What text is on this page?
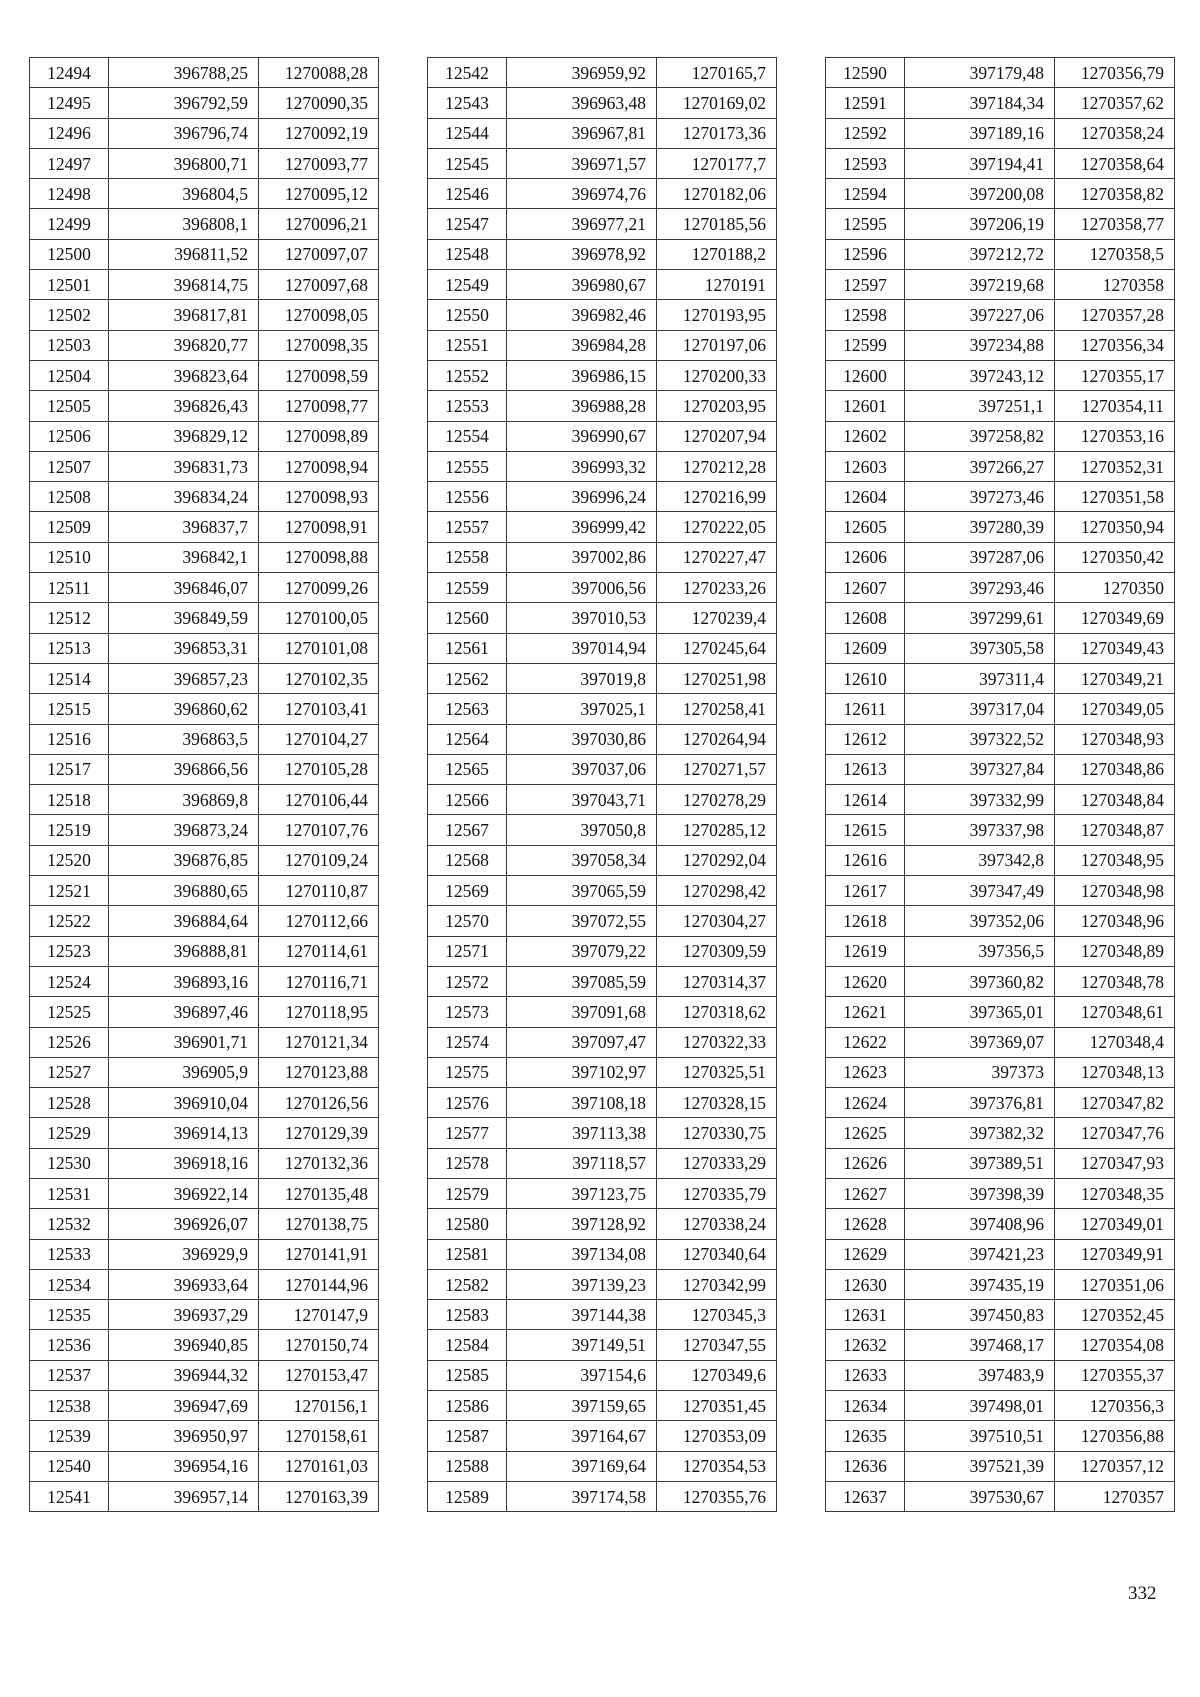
12494	396788,25	1270088,28
12495	396792,59	1270090,35
12496	396796,74	1270092,19
12497	396800,71	1270093,77
12498	396804,5	1270095,12
12499	396808,1	1270096,21
12500	396811,52	1270097,07
12501	396814,75	1270097,68
12502	396817,81	1270098,05
12503	396820,77	1270098,35
12504	396823,64	1270098,59
12505	396826,43	1270098,77
12506	396829,12	1270098,89
12507	396831,73	1270098,94
12508	396834,24	1270098,93
12509	396837,7	1270098,91
12510	396842,1	1270098,88
12511	396846,07	1270099,26
12512	396849,59	1270100,05
12513	396853,31	1270101,08
12514	396857,23	1270102,35
12515	396860,62	1270103,41
12516	396863,5	1270104,27
12517	396866,56	1270105,28
12518	396869,8	1270106,44
12519	396873,24	1270107,76
12520	396876,85	1270109,24
12521	396880,65	1270110,87
12522	396884,64	1270112,66
12523	396888,81	1270114,61
12524	396893,16	1270116,71
12525	396897,46	1270118,95
12526	396901,71	1270121,34
12527	396905,9	1270123,88
12528	396910,04	1270126,56
12529	396914,13	1270129,39
12530	396918,16	1270132,36
12531	396922,14	1270135,48
12532	396926,07	1270138,75
12533	396929,9	1270141,91
12534	396933,64	1270144,96
12535	396937,29	1270147,9
12536	396940,85	1270150,74
12537	396944,32	1270153,47
12538	396947,69	1270156,1
12539	396950,97	1270158,61
12540	396954,16	1270161,03
12541	396957,14	1270163,39
12542	396959,92	1270165,7
12543	396963,48	1270169,02
12544	396967,81	1270173,36
12545	396971,57	1270177,7
12546	396974,76	1270182,06
12547	396977,21	1270185,56
12548	396978,92	1270188,2
12549	396980,67	1270191
12550	396982,46	1270193,95
12551	396984,28	1270197,06
12552	396986,15	1270200,33
12553	396988,28	1270203,95
12554	396990,67	1270207,94
12555	396993,32	1270212,28
12556	396996,24	1270216,99
12557	396999,42	1270222,05
12558	397002,86	1270227,47
12559	397006,56	1270233,26
12560	397010,53	1270239,4
12561	397014,94	1270245,64
12562	397019,8	1270251,98
12563	397025,1	1270258,41
12564	397030,86	1270264,94
12565	397037,06	1270271,57
12566	397043,71	1270278,29
12567	397050,8	1270285,12
12568	397058,34	1270292,04
12569	397065,59	1270298,42
12570	397072,55	1270304,27
12571	397079,22	1270309,59
12572	397085,59	1270314,37
12573	397091,68	1270318,62
12574	397097,47	1270322,33
12575	397102,97	1270325,51
12576	397108,18	1270328,15
12577	397113,38	1270330,75
12578	397118,57	1270333,29
12579	397123,75	1270335,79
12580	397128,92	1270338,24
12581	397134,08	1270340,64
12582	397139,23	1270342,99
12583	397144,38	1270345,3
12584	397149,51	1270347,55
12585	397154,6	1270349,6
12586	397159,65	1270351,45
12587	397164,67	1270353,09
12588	397169,64	1270354,53
12589	397174,58	1270355,76
12590	397179,48	1270356,79
12591	397184,34	1270357,62
12592	397189,16	1270358,24
12593	397194,41	1270358,64
12594	397200,08	1270358,82
12595	397206,19	1270358,77
12596	397212,72	1270358,5
12597	397219,68	1270358
12598	397227,06	1270357,28
12599	397234,88	1270356,34
12600	397243,12	1270355,17
12601	397251,1	1270354,11
12602	397258,82	1270353,16
12603	397266,27	1270352,31
12604	397273,46	1270351,58
12605	397280,39	1270350,94
12606	397287,06	1270350,42
12607	397293,46	1270350
12608	397299,61	1270349,69
12609	397305,58	1270349,43
12610	397311,4	1270349,21
12611	397317,04	1270349,05
12612	397322,52	1270348,93
12613	397327,84	1270348,86
12614	397332,99	1270348,84
12615	397337,98	1270348,87
12616	397342,8	1270348,95
12617	397347,49	1270348,98
12618	397352,06	1270348,96
12619	397356,5	1270348,89
12620	397360,82	1270348,78
12621	397365,01	1270348,61
12622	397369,07	1270348,4
12623	397373	1270348,13
12624	397376,81	1270347,82
12625	397382,32	1270347,76
12626	397389,51	1270347,93
12627	397398,39	1270348,35
12628	397408,96	1270349,01
12629	397421,23	1270349,91
12630	397435,19	1270351,06
12631	397450,83	1270352,45
12632	397468,17	1270354,08
12633	397483,9	1270355,37
12634	397498,01	1270356,3
12635	397510,51	1270356,88
12636	397521,39	1270357,12
12637	397530,67	1270357
332
